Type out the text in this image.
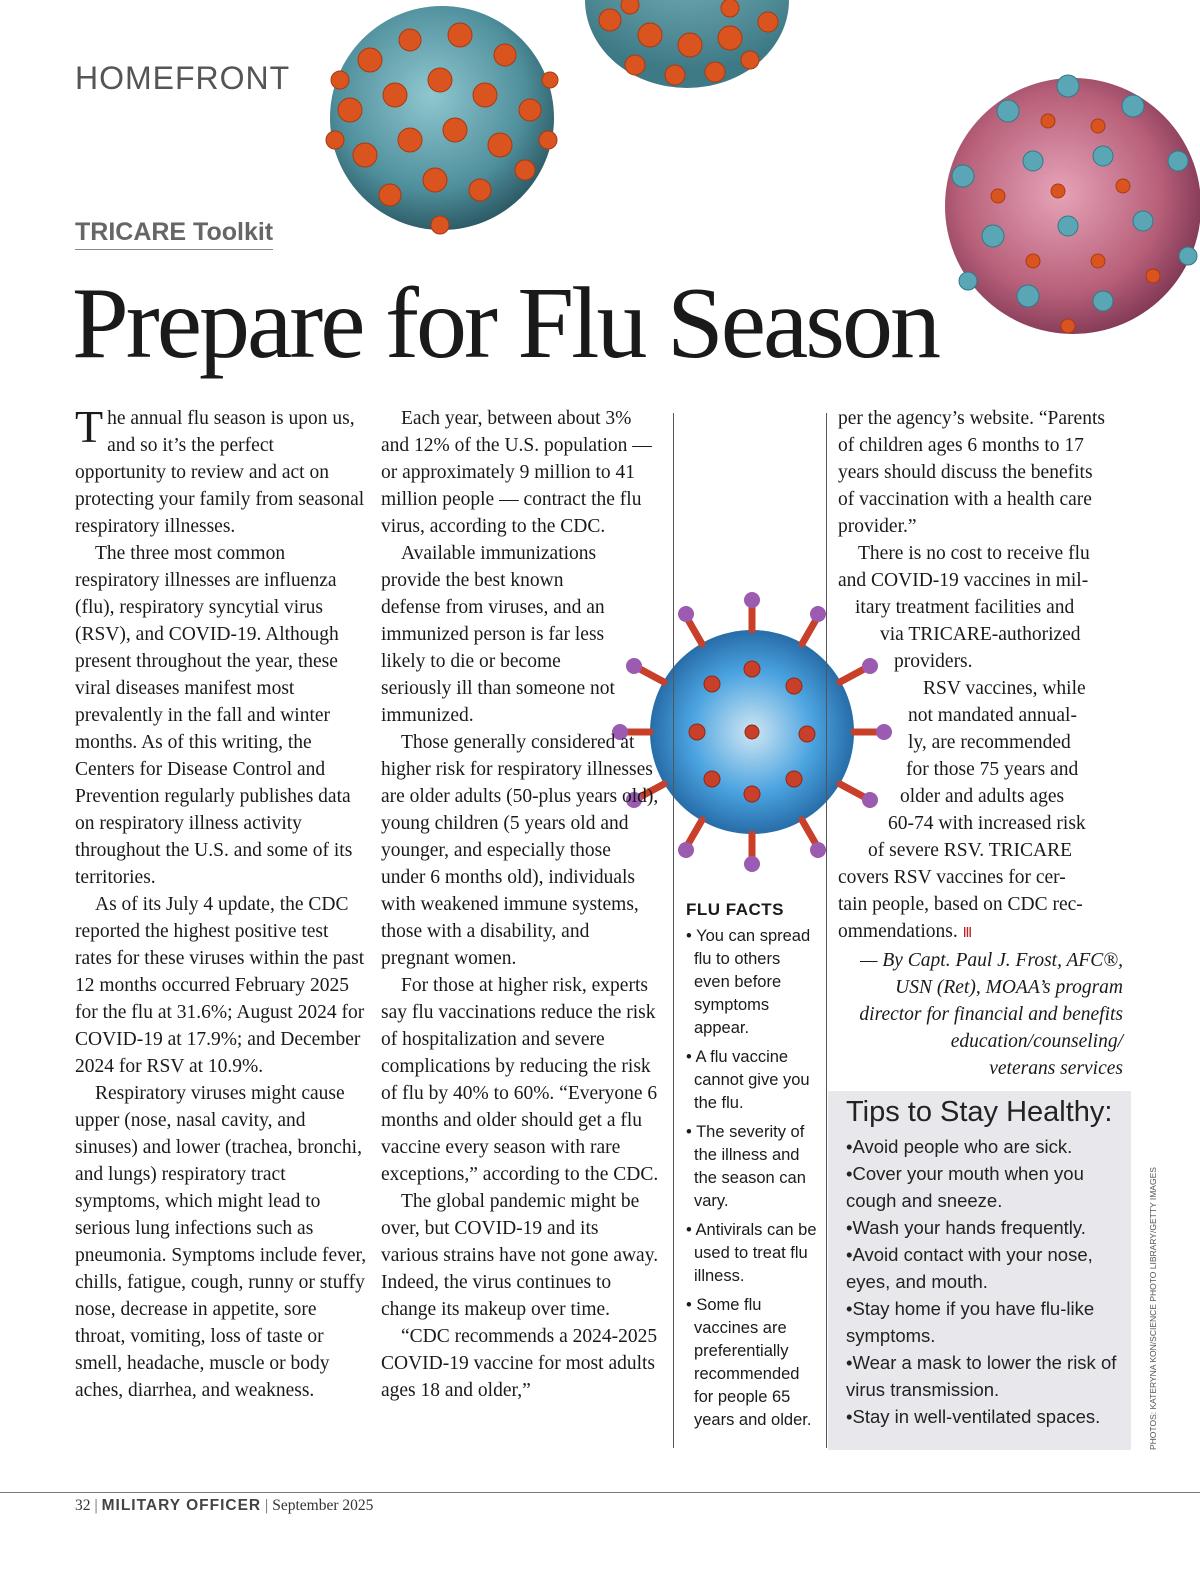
HOMEFRONT
TRICARE Toolkit
Prepare for Flu Season

The annual flu season is upon us, and so it’s the perfect opportunity to review and act on protecting your family from seasonal respiratory illnesses.

The three most common respiratory illnesses are influenza (flu), respiratory syncytial virus (RSV), and COVID-19. Although present throughout the year, these viral diseases manifest most prevalently in the fall and winter months. As of this writing, the Centers for Disease Control and Prevention regularly publishes data on respiratory illness activity throughout the U.S. and some of its territories.

As of its July 4 update, the CDC reported the highest positive test rates for these viruses within the past 12 months occurred February 2025 for the flu at 31.6%; August 2024 for COVID-19 at 17.9%; and December 2024 for RSV at 10.9%.

Respiratory viruses might cause upper (nose, nasal cavity, and sinuses) and lower (trachea, bronchi, and lungs) respiratory tract symptoms, which might lead to serious lung infections such as pneumonia. Symptoms include fever, chills, fatigue, cough, runny or stuffy nose, decrease in appetite, sore throat, vomiting, loss of taste or smell, headache, muscle or body aches, diarrhea, and weakness.

Each year, between about 3% and 12% of the U.S. population — or approximately 9 million to 41 million people — contract the flu virus, according to the CDC.

Available immunizations provide the best known defense from viruses, and an immunized person is far less likely to die or become seriously ill than someone not immunized.

Those generally considered at higher risk for respiratory illnesses are older adults (50-plus years old), young children (5 years old and younger, and especially those under 6 months old), individuals with weakened immune systems, those with a disability, and pregnant women.

For those at higher risk, experts say flu vaccinations reduce the risk of hospitalization and severe complications by reducing the risk of flu by 40% to 60%. “Everyone 6 months and older should get a flu vaccine every season with rare exceptions,” according to the CDC.

The global pandemic might be over, but COVID-19 and its various strains have not gone away. Indeed, the virus continues to change its makeup over time.

“CDC recommends a 2024-2025 COVID-19 vaccine for most adults ages 18 and older,”

FLU FACTS
• You can spread flu to others even before symptoms appear.
• A flu vaccine cannot give you the flu.
• The severity of the illness and the season can vary.
• Antivirals can be used to treat flu illness.
• Some flu vaccines are preferentially recommended for people 65 years and older.

per the agency’s website. “Parents of children ages 6 months to 17 years should discuss the benefits of vaccination with a health care provider.”

There is no cost to receive flu
and COVID-19 vaccines in mil-
itary treatment facilities and
via TRICARE-authorized
providers.
RSV vaccines, while
not mandated annual-
ly, are recommended
for those 75 years and
older and adults ages
60-74 with increased risk
of severe RSV. TRICARE
covers RSV vaccines for cer-
tain people, based on CDC rec-
ommendations. Ⅲ
— By Capt. Paul J. Frost, AFC®,
USN (Ret), MOAA’s program
director for financial and benefits
education/counseling/
veterans services
Tips to Stay Healthy:
•Avoid people who are sick.
•Cover your mouth when you cough and sneeze.
•Wash your hands frequently.
•Avoid contact with your nose, eyes, and mouth.
•Stay home if you have flu-like symptoms.
•Wear a mask to lower the risk of virus transmission.
•Stay in well-ventilated spaces.	PHOTOS: KATERYNA KON/SCIENCE PHOTO LIBRARY/GETTY IMAGES
32 | MILITARY OFFICER | September 2025
